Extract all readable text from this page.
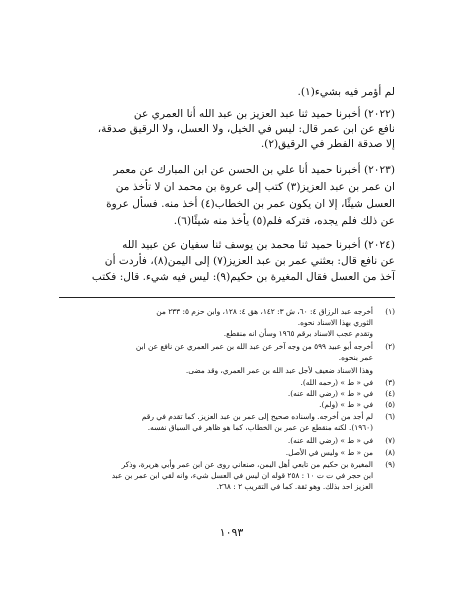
لم أؤمر فيه بشيء(١).
(٢٠٢٢) أخبرنا حميد ثنا عبد العزيز بن عبد الله أنا العمري عن
نافع عن ابن عمر قال: ليس في الخيل، ولا العسل، ولا الرقيق صدقة،
إلا صدقة الفطر في الرقيق(٢).
(٢٠٢٣) أخبرنا حميد أنا علي بن الحسن عن ابن المبارك عن معمر
ان عمر بن عبد العزيز(٣) كتب إلى عروة بن محمد ان لا تأخذ من
العسل شيئًا، إلا ان يكون عمر بن الخطاب(٤) أخذ منه. فسأل عروة
عن ذلك فلم يجده، فتركه فلم(٥) يأخذ منه شيئًا(٦).
(٢٠٢٤) أخبرنا حميد ثنا محمد بن يوسف ثنا سفيان عن عبيد الله
عن نافع قال: بعثني عمر بن عبد العزيز(٧) إلى اليمن(٨)، فأردت أن
آخذ من العسل فقال المغيرة بن حكيم(٩): ليس فيه شيء. قال: فكتب
(١)
أخرجه عبد الرزاق ٤: ٦٠، ش ٣: ١٤٢، هق ٤: ١٢٨، وابن حزم ٥: ٢٣٣ من
الثوري بهذا الاسناد نحوه.
وتقدم عجب الاسناد برقم ١٩٦٥ وسأن انه منقطع.
(٢)
أخرجه أبو عبيد ٥٩٩ من وجه آخر عن عبد الله بن عمر العمري عن نافع عن ابن
عمر بنحوه.
وهذا الاسناد ضعيف لأجل عبد الله بن عمر العمري، وقد مضى.
(٣)
في « ط » (رحمه الله).
(٤)
في « ط » (رضي الله عنه).
(٥)
في « ط » (ولم).
(٦)
لم أجد من أخرجه. واسناده صحيح إلى عمر بن عبد العزيز. كما تقدم في رقم
(١٩٦٠). لكنه منقطع عن عمر بن الخطاب، كما هو ظاهر في السياق نفسه.
(٧)
في « ط » (رضي الله عنه).
(٨)
من « ط » وليس في الأصل.
(٩)
المغيرة بن حكيم من تابعي أهل اليمن، صنعاني روى عن ابن عمر وأبي هريرة، وذكر
ابن حجر في ت ت ١٠ : ٢٥٨ قوله ان ليس في العسل شيء، وانه لقي ابن عمر بن عبد
العزيز احد بذلك. وهو ثقة. كما في التقريب ٢ : ٢٦٨.
١٠٩٣
